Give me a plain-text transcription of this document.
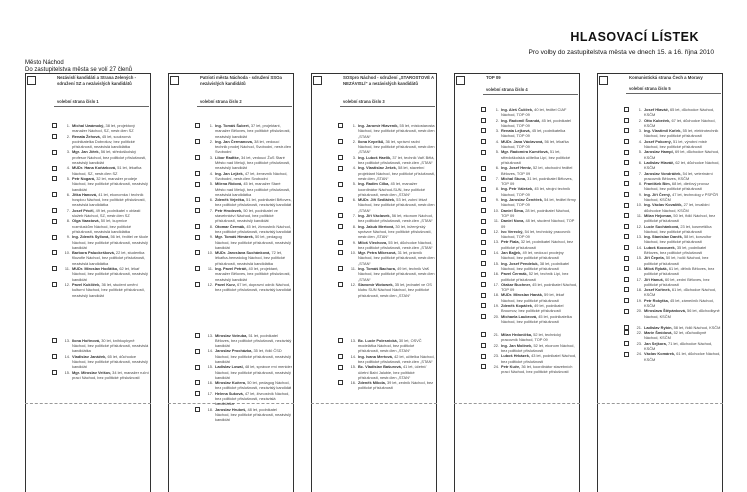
HLASOVACÍ LÍSTEK
Pro volby do zastupitelstva města ve dnech 15. a 16. října 2010
Město Náchod
Do zastupitelstva města se volí 27 členů
Nezávislí kandidáti a Strana Zelených - sdružení SZ a nezávislých kandidátů
volební strana číslo 1
1. Michal Uwámoký, 38 let, projektový manažer Náchod, SZ, nestr.ćlen SZ
2. Renata Žehová, 45 let, soukromá podnikatelka Dobrošov, bez politické příslušnosti, nezávislá kandidátka
3. Mgr. Jan Jíěek, 56 let, středoškolský profesor Náchod, bez politické příslušnosti, nezávislý kandidát
4. MUDr. Hana Koňárková, 51 let, lékařka Náchod, SZ, nestr.ćlen SZ
5. Petr Nogará, 32 let, manažer prodeje Náchod, bez politické příslušnosti, nezávislý kandidát
6. Jitka Hanová, 41 let, ekonomka / technik hospiou Náchod, bez politické příslušnosti, nezávislá kandidátka
7. Josef Pécěl, 49 let, podnikatel v oblasti služeb Náchod, SZ, nestr.ćlen SZ
8. Olga Vaastová, 50 let, kuprnice rozmluskům Náchod, bez politické příslušnosti, nezávislá kandidátka
9. Ing. Zdeněk Syllová, 56 let, ředitel ve škole Náchod, bez politické příslušnosti, nezávislý kandidát
10. Barbora Paluckešková, 22 let, studentka filozofie Náchod, bez politické příslušnosti, nezávislá kandidátka
11. MUDr. Miroslav Hoďátko, 62 let, lékař Náchod, bez politické příslušnosti, nezávislý kandidát
12. Pavel Kuklíček, 36 let, student umění kulturní Náchod, bez politické příslušnosti, nezávislý kandidát
13. Ilona Hořínová, 30 let, knihkupkyně Náchod, bez politické příslušnosti, nezávislá kandidátka
14. Vladislav Janáček, 65 let, důchodce Náchod, bez politické příslušnosti, nezávislý kandidát
15. Mgr. Miroslav Veišov, 34 let, manažer ruční prací Náchod, bez politické příslušnosti
Patrioti města Náchoda - sdružení SSOa nezávislých kandidátů
volební strana číslo 2
1. Ing. Tomáš Šubert, 37 let, projektant, manažer Běloves, bez politické příslušnosti, nezávislý kandidát
2. Ing. Jan Čermanova, 38 let, vedoucí technik prodej Náchod, Svobodní, nestr.ćlen Svobodní
3. Libor Radtke, 34 let, vedoucí ŽuS Staré Město nad Metují, bez politické příslušnosti, nezávislý kandidát
4. Ing. Jan Lejžek, 47 let, ženeznik Náchod, Svobodní, nestr.ćlen Svobodní
5. Milena Rídová, 45 let, manažer Staré Město nad Metují, bez politické příslušnosti, nezávislá kandidátka
6. Zdeněk Veječka, 51 let, podnikatel Běloves, bez politické příslušnosti, nezávislý kandidát
7. Petr Hrodezek, 50 let, podnikatel ve stavebnictví Náchod, bez politické příslušnosti, nezávislý kandidát
8. Otomar Čermák, 45 let, živnostník Náchod, bez politické příslušnosti, nezávislý kandidát
9. Mgr. Tomáš Hímárek, 50 let, pedagog Náchod, bez politické příslušnosti, nezávislý kandidát
10. MUDr. Jaroslava Suchánková, 72 let, lékařka-hematolog Náchod, bez politické příslušnosti, nezávislá kandidátka
11. Ing. Pavel Petráň, 40 let, projektant, manažer Běloves, bez politické příslušnosti, nezávislý kandidát
12. Pavel Kurz, 67 let, dopravní odník Náchod, bez politické příslušnosti, nezávislý kandidát
13. Miroslav Votruba, 51 let, podnikatel Běloves, bez politické příslušnosti, nezávislý kandidát
14. Jaroslav Procházka, 35 let, řidič ČSD Náchod, bez politické příslušnosti, nezávislý kandidát
15. Ladislav Lowal, 48 let, správce rmí menider Náchod, bez politické příslušnosti, nezávislý kandidát
16. Miroslav Kučera, 50 let, pedagog Náchod, bez politické příslušnosti, nezávislý kandidát
17. Helena Suková, 47 let, živnostník Náchod, bez politické příslušnosti, nezávislá kandidátka
18. Jaroslav Hrubeš, 48 let, podnikatel Náchod, bez politické příslušnosti, nezávislý kandidát
SOSpro Náchod - sdružení „STAROSTOVÉ A NEZÁVISLÍ“ a nezávislých kandidátů
volební strana číslo 3
1. Ing. Jaromír Hlaveník, 55 let, místostarosta Náchod, bez politické příslušnosti, nestr.ćlen „STAN“
2. Ilona Kepelků, 36 let, správní radní Náchod, bez politické příslušnosti, nestr.ćlen „STAN“
3. Ing. Luboš Haelik, 37 let, technik VaK Bělá, bez politické příslušnosti, nestr.ćlen „STAN“
4. Ing. Vlastislav Ješek, 58 let, stavební projektant Náchod, bez politické příslušnosti, nestr.ćlen „STAN“
5. Ing. Radim Cílka, 45 let, manažer koordinátor Náchod-SUN, bez politické příslušnosti, nestr.ćlen „STAN“
6. MUDr. Jiří Sedláček, 53 let, zubní lékař Náchod, bez politické příslušnosti, nestr.ćlen „STAN“
7. Ing. Jiří Václavek, 56 let, ekonom Náchod, bez politické příslušnosti, nestr.ćlen „STAN“
8. Ing. Jakub Mertová, 30 let, inženýrský správce Náchod, bez politické příslušnosti, nestr.ćlen „STAN“
9. Miloš Vlechova, 55 let, důchodce Náchod, bez politické příslušnosti, nestr.ćlen „STAN“
10. Mgr. Petra Mikesová, 31 let, právník Náchod, bez politické příslušnosti, nestr.ćlen „STAN“
11. Ing. Tomáš Bachura, 49 let, technik VaK Náchod, bez politické příslušnosti, nestr.ćlen „STAN“
12. Slavomír Wotowek, 35 let, jednatel ve OS klubu SUN Náchod Náchod, bez politické příslušnosti, nestr.ćlen „STAN“
13. Bc. Lucie Polesnická, 30 let, OSVČ modelářka Náchod, bez politické příslušnosti, nestr.ćlen „STAN“
14. Ing. Ivana Mertová, 42 let, učitelka Náchod, bez politické příslušnosti, nestr.ćlen „STAN“
15. Bc. Vladislav Bašurová, 41 let, účetní/účetní Babí Jalubie, bez politické příslušnosti, nestr.ćlen „STAN“
16. Zdeněk Mikola, 39 let, zedník Náchod, bez politické příslušnosti
TOP 09
volební strana číslo 4
1. Ing. Aleš Čulíček, 40 let, ředitel CIAF Náchod, TOP 09
2. Ing. Radomil Švandá, 45 let, podnikatel Náchod, TOP 09
3. Renata Lejková, 45 let, podnikatelka Náchod, TOP 09
4. MUDr. Jana Václavová, 56 let, lékařka Náchod, TOP 09
5. Mgr. Radomíra Kumělová, 51 let, středoškolská učitelka Lipí, bez politické příslušnosti
6. Ing. Josef Hentz, 52 let, obchodní ředitel Běloves, TOP 09
7. Michal Stuna, 31 let, podnikatel Běloves, TOP 09
8. Ing. Petr Válešek, 45 let, strojní technik Náchod, TOP 09
9. Ing. Jaroslav Čeněček, 54 let, ředitel firmy Náchod, TOP 09
10. Daniel Šíma, 28 let, podnikatel Náchod, TOP 09
11. Daniel Nova, 48 let, student Náchod, TOP 09
12. Ivo Verecký, 54 let, technický pracovník Náchod, TOP 09
13. Petr Fiala, 32 let, podnikatel Náchod, bez politické příslušnosti
14. Jan Bajjek, 49 let, vedoucí prodejny Náchod, bez politické příslušnosti
15. Ing. Josef Pendeluk, 38 let, podnikatel Náchod, bez politické příslušnosti
16. Pavel Čermák, 52 let, technik Lipí, bez politické příslušnosti
17. Otakar Buchner, 45 let, podnikatel Náchod, TOP 09
18. MUDr. Miroslav Hanák, 59 let, lékař Náchod, bez politické příslušnosti
19. Zdeněk Kopáček, 49 let, podnikatel Broumov, bez politické příslušnosti
20. Michaela Laubrová, 45 let, podnikatelka Náchod, bez politické příslušnosti
21. Milan Hrdonička, 52 let, technický pracovník Náchod, TOP 09
22. Ing. Jan Molínek, 52 let, ekonom Náchod, bez politické příslušnosti
23. Luboš Hrbázek, 43 let, podnikatel Náchod, bez politické příslušnosti
24. Petr Kuče, 36 let, koordinátor stavebních prací Náchod, bez politické příslušnosti
Komunistická strana Čech a Moravy
volební strana číslo 5
1. Josef Hlaváč, 65 let, důchodce Náchod, KSČM
2. Otto Kubeček, 67 let, důchodce Náchod, KSČM
3. Ing. Vlastimil Koťek, 55 let, elektrotechnik Náchod, bez politické příslušnosti
4. Josef Pokorný, 51 let, výrobní mistr Náchod, bez politické příslušnosti
5. Jaroslav Hampl, 69 let, důchodce Náchod, KSČM
6. Ladislav Hlaváč, 62 let, důchodce Náchod, KSČM
7. Jaroslav Vondráček, 54 let, veterinární pracovník Běloves, KSČM
8. František Bím, 68 let, dieťový provoz Náchod, bez politické příslušnosti
9. Ing. Jiří Černý, 47 let, technolog v PSPČR Náchod, KSČM
10. Ing. Václav Kovalčík, 27 let, invalidní důchodce Náchod, KSČM
11. Milan Hejcman, 50 let, řidič Náchod, bez politické příslušnosti
12. Lucie Suchánková, 23 let, kosmetička Náchod, bez politické příslušnosti
13. Ing. Stanislav Daněk, 58 let, konzultor Náchod, bez politické příslušnosti
14. Luboš Kocourek, 35 let, podnikatel Běloves, bez politické příslušnosti
15. Jiří Čepela, 50 let, holič Náchod, bez politické příslušnosti
16. Miloš Rybák, 61 let, dělník Běloves, bez politické příslušnosti
17. Jiří Hanuš, 60 let, zední Běloves, bez politické příslušnosti
18. Josef Kořínek, 61 let, důchodce Náchod, KSČM
19. Petr Rokytka, 45 let, zámečník Náchod, KSČM
20. Miroslava Štěpánková, 56 let, důchodkyně Náchod, KSČM
21. Ladislav Rybín, 58 let, řidič Náchod, KSČM
22. Marie Šmídová, 52 let, důchodkyně Náchod, KSČM
23. Jan Sejkora, 71 let, důchodce Náchod, KSČM
24. Václav Komárek, 61 let, důchodce Náchod, KSČM
